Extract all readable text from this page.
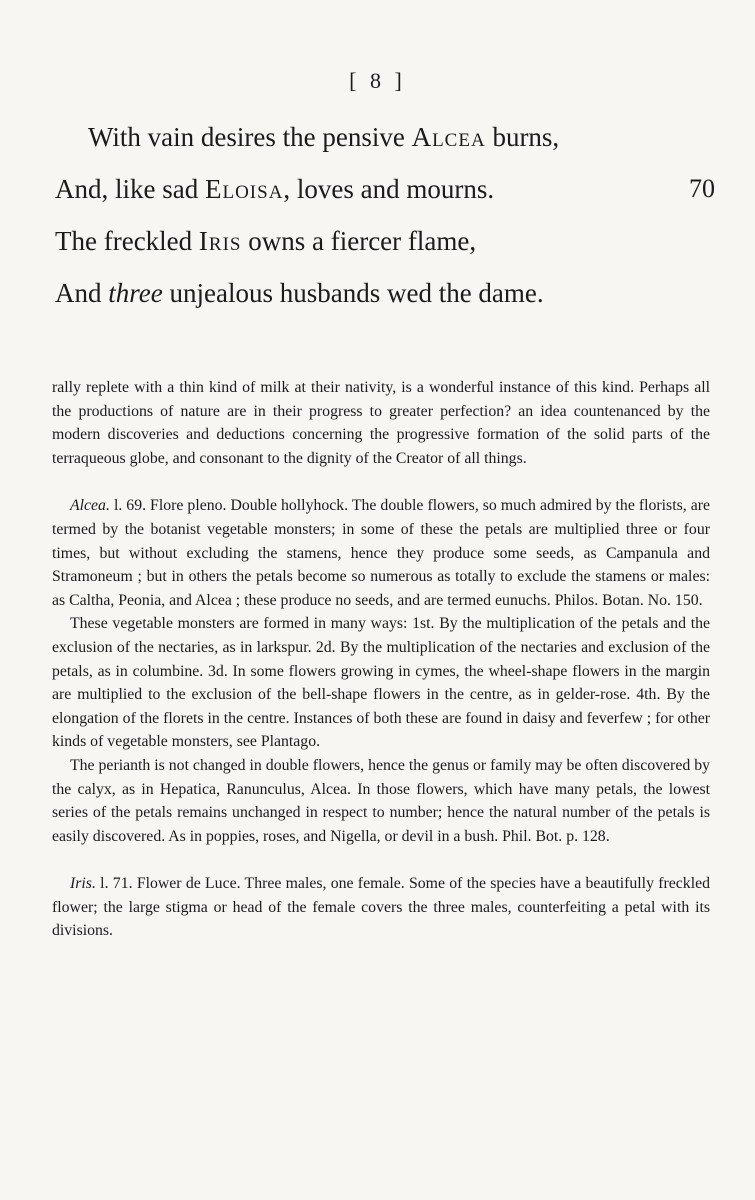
[ 8 ]
With vain desires the pensive Alcea burns,
And, like sad Eloisa, loves and mourns.	70
The freckled Iris owns a fiercer flame,
And three unjealous husbands wed the dame.

rally replete with a thin kind of milk at their nativity, is a wonderful instance of this kind. Perhaps all the productions of nature are in their progress to greater perfection? an idea countenanced by the modern discoveries and deductions concerning the progressive formation of the solid parts of the terraqueous globe, and consonant to the dignity of the Creator of all things.

Alcea. l. 69. Flore pleno. Double hollyhock. The double flowers, so much admired by the florists, are termed by the botanist vegetable monsters; in some of these the petals are multiplied three or four times, but without excluding the stamens, hence they produce some seeds, as Campanula and Stramoneum ; but in others the petals become so numerous as totally to exclude the stamens or males: as Caltha, Peonia, and Alcea ; these produce no seeds, and are termed eunuchs. Philos. Botan. No. 150.

These vegetable monsters are formed in many ways: 1st. By the multiplication of the petals and the exclusion of the nectaries, as in larkspur. 2d. By the multiplication of the nectaries and exclusion of the petals, as in columbine. 3d. In some flowers growing in cymes, the wheel-shape flowers in the margin are multiplied to the exclusion of the bell-shape flowers in the centre, as in gelder-rose. 4th. By the elongation of the florets in the centre. Instances of both these are found in daisy and feverfew ; for other kinds of vegetable monsters, see Plantago.

The perianth is not changed in double flowers, hence the genus or family may be often discovered by the calyx, as in Hepatica, Ranunculus, Alcea. In those flowers, which have many petals, the lowest series of the petals remains unchanged in respect to number; hence the natural number of the petals is easily discovered. As in poppies, roses, and Nigella, or devil in a bush. Phil. Bot. p. 128.

Iris. l. 71. Flower de Luce. Three males, one female. Some of the species have a beautifully freckled flower; the large stigma or head of the female covers the three males, counterfeiting a petal with its divisions.
